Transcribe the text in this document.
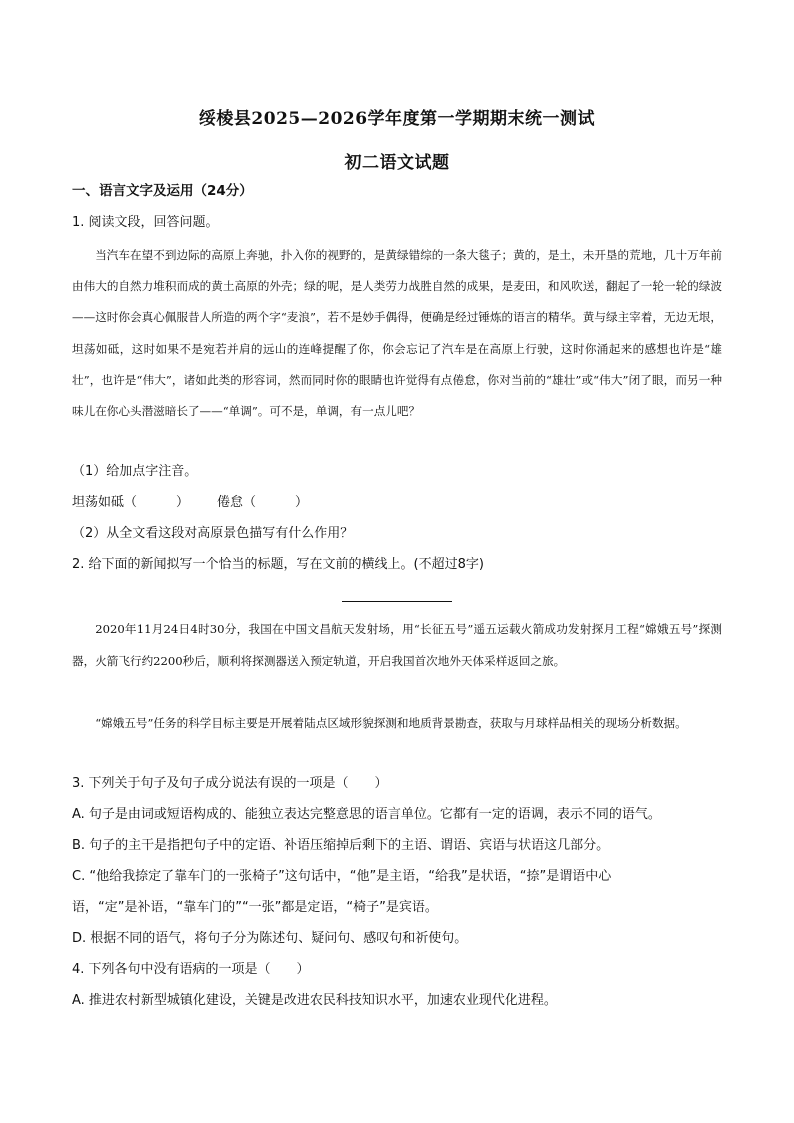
绥棱县2025—2026学年度第一学期期末统一测试
初二语文试题
一、语言文字及运用（24分）
1. 阅读文段，回答问题。
当汽车在望不到边际的高原上奔驰，扑入你的视野的，是黄绿错综的一条大毯子；黄的，是土，未开垦的荒地，几十万年前由伟大的自然力堆积而成的黄土高原的外壳；绿的呢，是人类劳力战胜自然的成果，是麦田，和风吹送，翻起了一轮一轮的绿波——这时你会真心佩服昔人所造的两个字“麦浪”，若不是妙手偶得，便确是经过锤炼的语言的精华。黄与绿主宰着，无边无垠，坦荡如砥，这时如果不是宛若并肩的远山的连峰提醒了你，你会忘记了汽车是在高原上行驶，这时你涌起来的感想也许是“雄壮”，也许是“伟大”，诸如此类的形容词，然而同时你的眼睛也许觉得有点倦怠，你对当前的“雄壮”或“伟大”闭了眼，而另一种味儿在你心头潜滋暗长了——“单调”。可不是，单调，有一点儿吧？
（1）给加点字注音。
坦荡如砥（　　　） 倦怠（　　　）
（2）从全文看这段对高原景色描写有什么作用？
2. 给下面的新闻拟写一个恰当的标题，写在文前的横线上。(不超过8字)
2020年11月24日4时30分，我国在中国文昌航天发射场，用“长征五号”遥五运载火箭成功发射探月工程“嫦娥五号”探测器，火箭飞行约2200秒后，顺利将探测器送入预定轨道，开启我国首次地外天体采样返回之旅。
“嫦娥五号”任务的科学目标主要是开展着陆点区域形貌探测和地质背景勘查，获取与月球样品相关的现场分析数据。
3. 下列关于句子及句子成分说法有误的一项是（　　）
A. 句子是由词或短语构成的、能独立表达完整意思的语言单位。它都有一定的语调，表示不同的语气。
B. 句子的主干是指把句子中的定语、补语压缩掉后剩下的主语、谓语、宾语与状语这几部分。
C. “他给我捺定了靠车门的一张椅子”这句话中，“他”是主语，“给我”是状语，“捺”是谓语中心
语，“定”是补语，“靠车门的”“一张”都是定语，“椅子”是宾语。
D. 根据不同的语气，将句子分为陈述句、疑问句、感叹句和祈使句。
4. 下列各句中没有语病的一项是（　　）
A. 推进农村新型城镇化建设，关键是改进农民科技知识水平，加速农业现代化进程。
